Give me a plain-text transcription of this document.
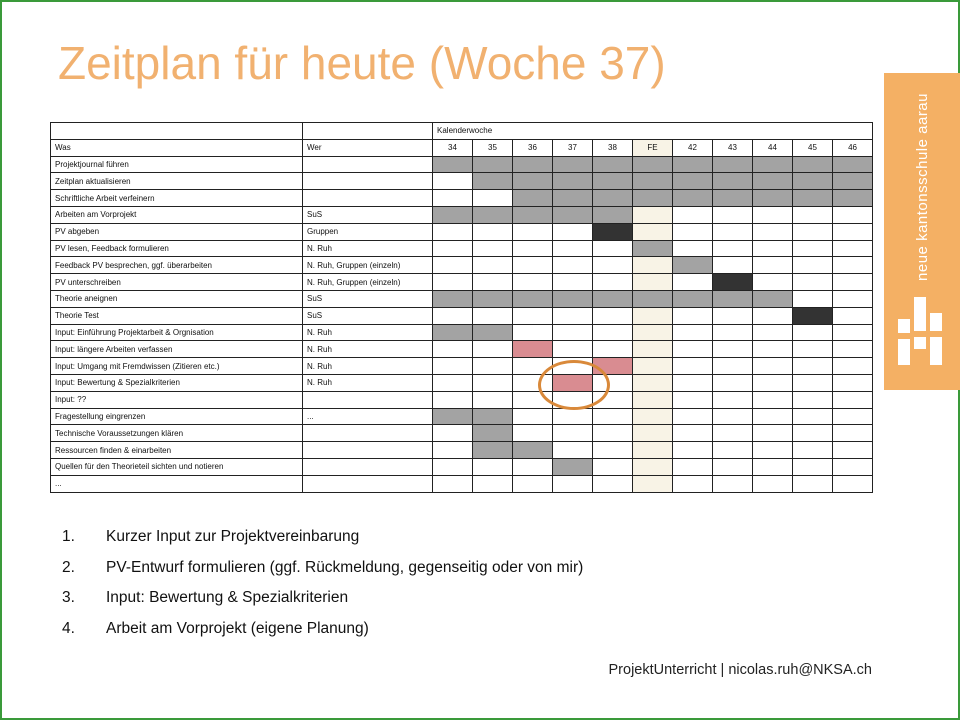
Zeitplan für heute (Woche 37)
neue kantonsschule aarau
		Kalenderwoche										
Was	Wer	34	35	36	37	38	FE	42	43	44	45	46
Projektjournal führen												
Zeitplan aktualisieren												
Schriftliche Arbeit verfeinern												
Arbeiten am Vorprojekt	SuS											
PV abgeben	Gruppen											
PV lesen, Feedback formulieren	N. Ruh											
Feedback PV besprechen, ggf. überarbeiten	N. Ruh, Gruppen (einzeln)											
PV unterschreiben	N. Ruh, Gruppen (einzeln)											
Theorie aneignen	SuS											
Theorie Test	SuS											
Input: Einführung Projektarbeit & Orgnisation	N. Ruh											
Input: längere Arbeiten verfassen	N. Ruh											
Input: Umgang mit Fremdwissen (Zitieren etc.)	N. Ruh											
Input: Bewertung & Spezialkriterien	N. Ruh											
Input: ??												
Fragestellung eingrenzen	...											
Technische Voraussetzungen klären												
Ressourcen finden & einarbeiten												
Quellen für den Theorieteil sichten und notieren												
...												
1.	Kurzer Input zur Projektvereinbarung
2.	PV-Entwurf formulieren (ggf. Rückmeldung, gegenseitig oder von mir)
3.	Input: Bewertung & Spezialkriterien
4.	Arbeit am Vorprojekt (eigene Planung)
ProjektUnterricht | nicolas.ruh@NKSA.ch
